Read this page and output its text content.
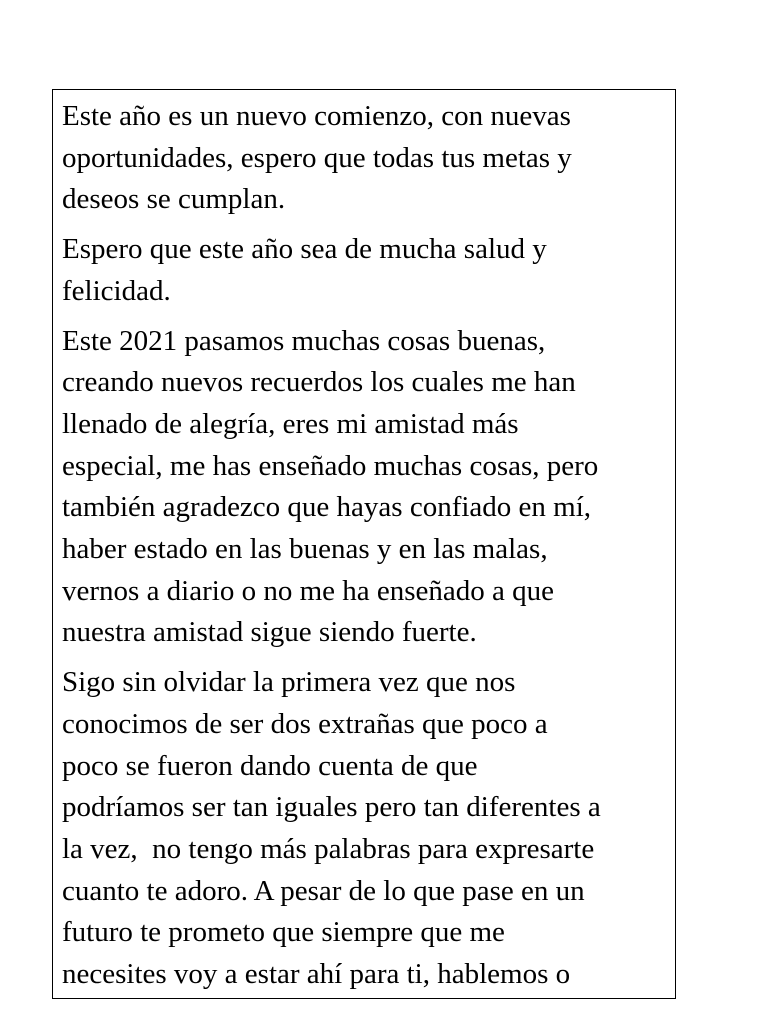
Este año es un nuevo comienzo, con nuevas
oportunidades, espero que todas tus metas y
deseos se cumplan.

Espero que este año sea de mucha salud y
felicidad.

Este 2021 pasamos muchas cosas buenas,
creando nuevos recuerdos los cuales me han
llenado de alegría, eres mi amistad más
especial, me has enseñado muchas cosas, pero
también agradezco que hayas confiado en mí,
haber estado en las buenas y en las malas,
vernos a diario o no me ha enseñado a que
nuestra amistad sigue siendo fuerte.

Sigo sin olvidar la primera vez que nos
conocimos de ser dos extrañas que poco a
poco se fueron dando cuenta de que
podríamos ser tan iguales pero tan diferentes a
la vez,  no tengo más palabras para expresarte
cuanto te adoro. A pesar de lo que pase en un
futuro te prometo que siempre que me
necesites voy a estar ahí para ti, hablemos o
